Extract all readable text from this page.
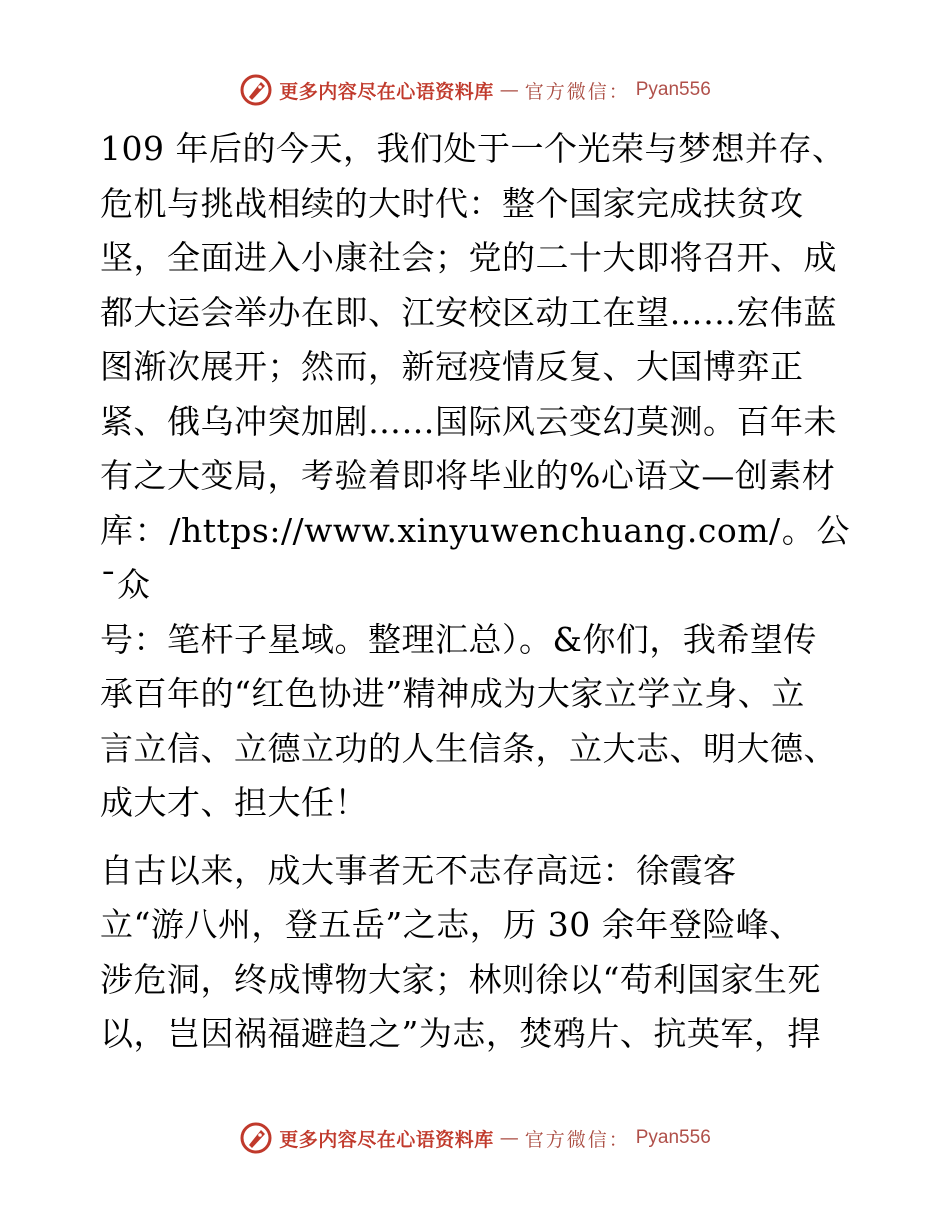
更多内容尽在心语资料库 — 官方微信： Pyan556

109 年后的今天，我们处于一个光荣与梦想并存、

危机与挑战相续的大时代：整个国家完成扶贫攻

坚，全面进入小康社会；党的二十大即将召开、成

都大运会举办在即、江安校区动工在望……宏伟蓝

图渐次展开；然而，新冠疫情反复、大国博弈正

紧、俄乌冲突加剧……国际风云变幻莫测。百年未

有之大变局，考验着即将毕业的%心语文—创素材

库：/https://www.xinyuwenchuang.com/。公¯众

号：笔杆子星域。整理汇总）。&你们，我希望传

承百年的“红色协进”精神成为大家立学立身、立

言立信、立德立功的人生信条，立大志、明大德、

成大才、担大任！

自古以来，成大事者无不志存高远：徐霞客

立“游八州，登五岳”之志，历 30 余年登险峰、

涉危洞，终成博物大家；林则徐以“苟利国家生死

以，岂因祸福避趋之”为志，焚鸦片、抗英军，捍

更多内容尽在心语资料库 — 官方微信： Pyan556
